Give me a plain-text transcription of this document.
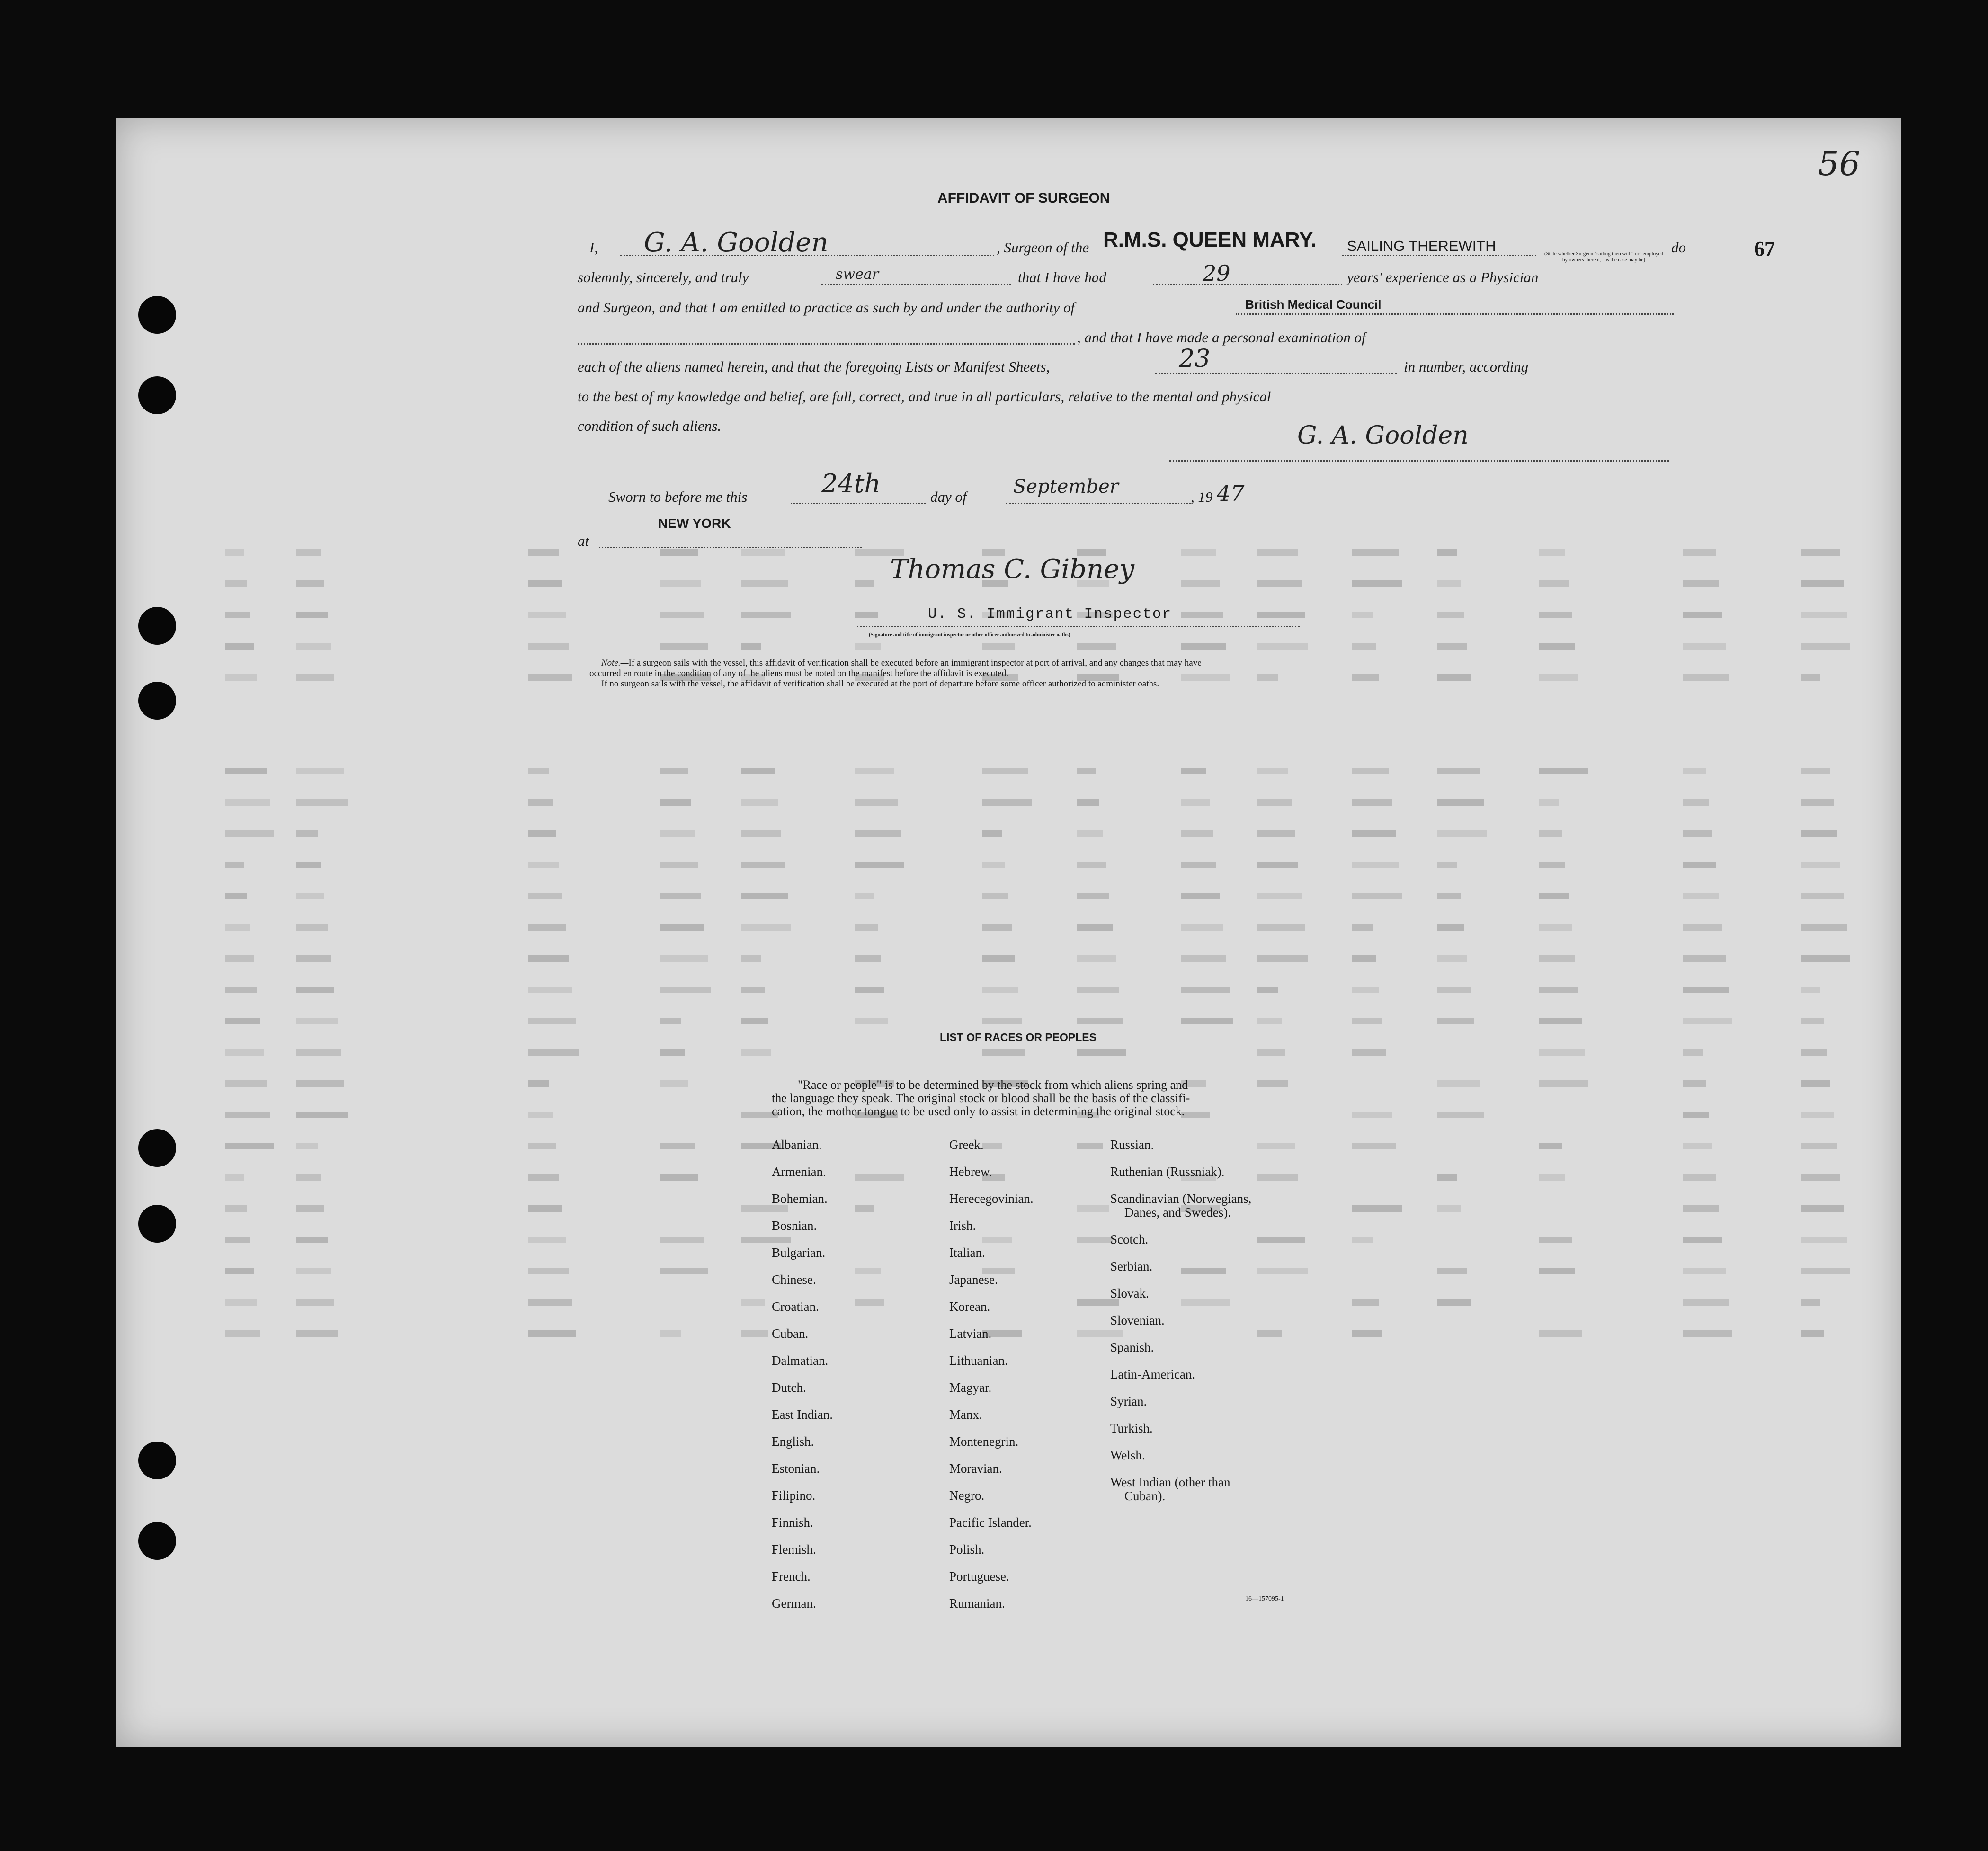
56
67
AFFIDAVIT OF SURGEON
I, G. A. Goolden	, Surgeon of the R.M.S. QUEEN MARY. SAILING THEREWITH	do
(State whether Surgeon "sailing therewith" or "employed by owners thereof," as the case may be)
solemnly, sincerely, and truly	swear	that I have had	29	years' experience as a Physician
and Surgeon, and that I am entitled to practice as such by and under the authority of	British Medical Council
, and that I have made a personal examination of
each of the aliens named herein, and that the foregoing Lists or Manifest Sheets,	23	in number, according
to the best of my knowledge and belief, are full, correct, and true in all particulars, relative to the mental and physical
condition of such aliens.	G. A. Goolden
Sworn to before me this	24th	day of September	, 19 47
NEW YORK
at
Thomas C. Gibney
U. S. Immigrant Inspector
(Signature and title of immigrant inspector or other officer authorized to administer oaths)
Note.—If a surgeon sails with the vessel, this affidavit of verification shall be executed before an immigrant inspector at port of arrival, and any changes that may have
occurred en route in the condition of any of the aliens must be noted on the manifest before the affidavit is executed.
If no surgeon sails with the vessel, the affidavit of verification shall be executed at the port of departure before some officer authorized to administer oaths.
LIST OF RACES OR PEOPLES
"Race or people" is to be determined by the stock from which aliens spring and
the language they speak. The original stock or blood shall be the basis of the classifi-
cation, the mother tongue to be used only to assist in determining the original stock.
Albanian.
Armenian.
Bohemian.
Bosnian.
Bulgarian.
Chinese.
Croatian.
Cuban.
Dalmatian.
Dutch.
East Indian.
English.
Estonian.
Filipino.
Finnish.
Flemish.
French.
German.
Greek.
Hebrew.
Herecegovinian.
Irish.
Italian.
Japanese.
Korean.
Latvian.
Lithuanian.
Magyar.
Manx.
Montenegrin.
Moravian.
Negro.
Pacific Islander.
Polish.
Portuguese.
Rumanian.
Russian.
Ruthenian (Russniak).
Scandinavian (Norwegians,
Danes, and Swedes).
Scotch.
Serbian.
Slovak.
Slovenian.
Spanish.
Latin-American.
Syrian.
Turkish.
Welsh.
West Indian (other than
Cuban).
16—157095-1
